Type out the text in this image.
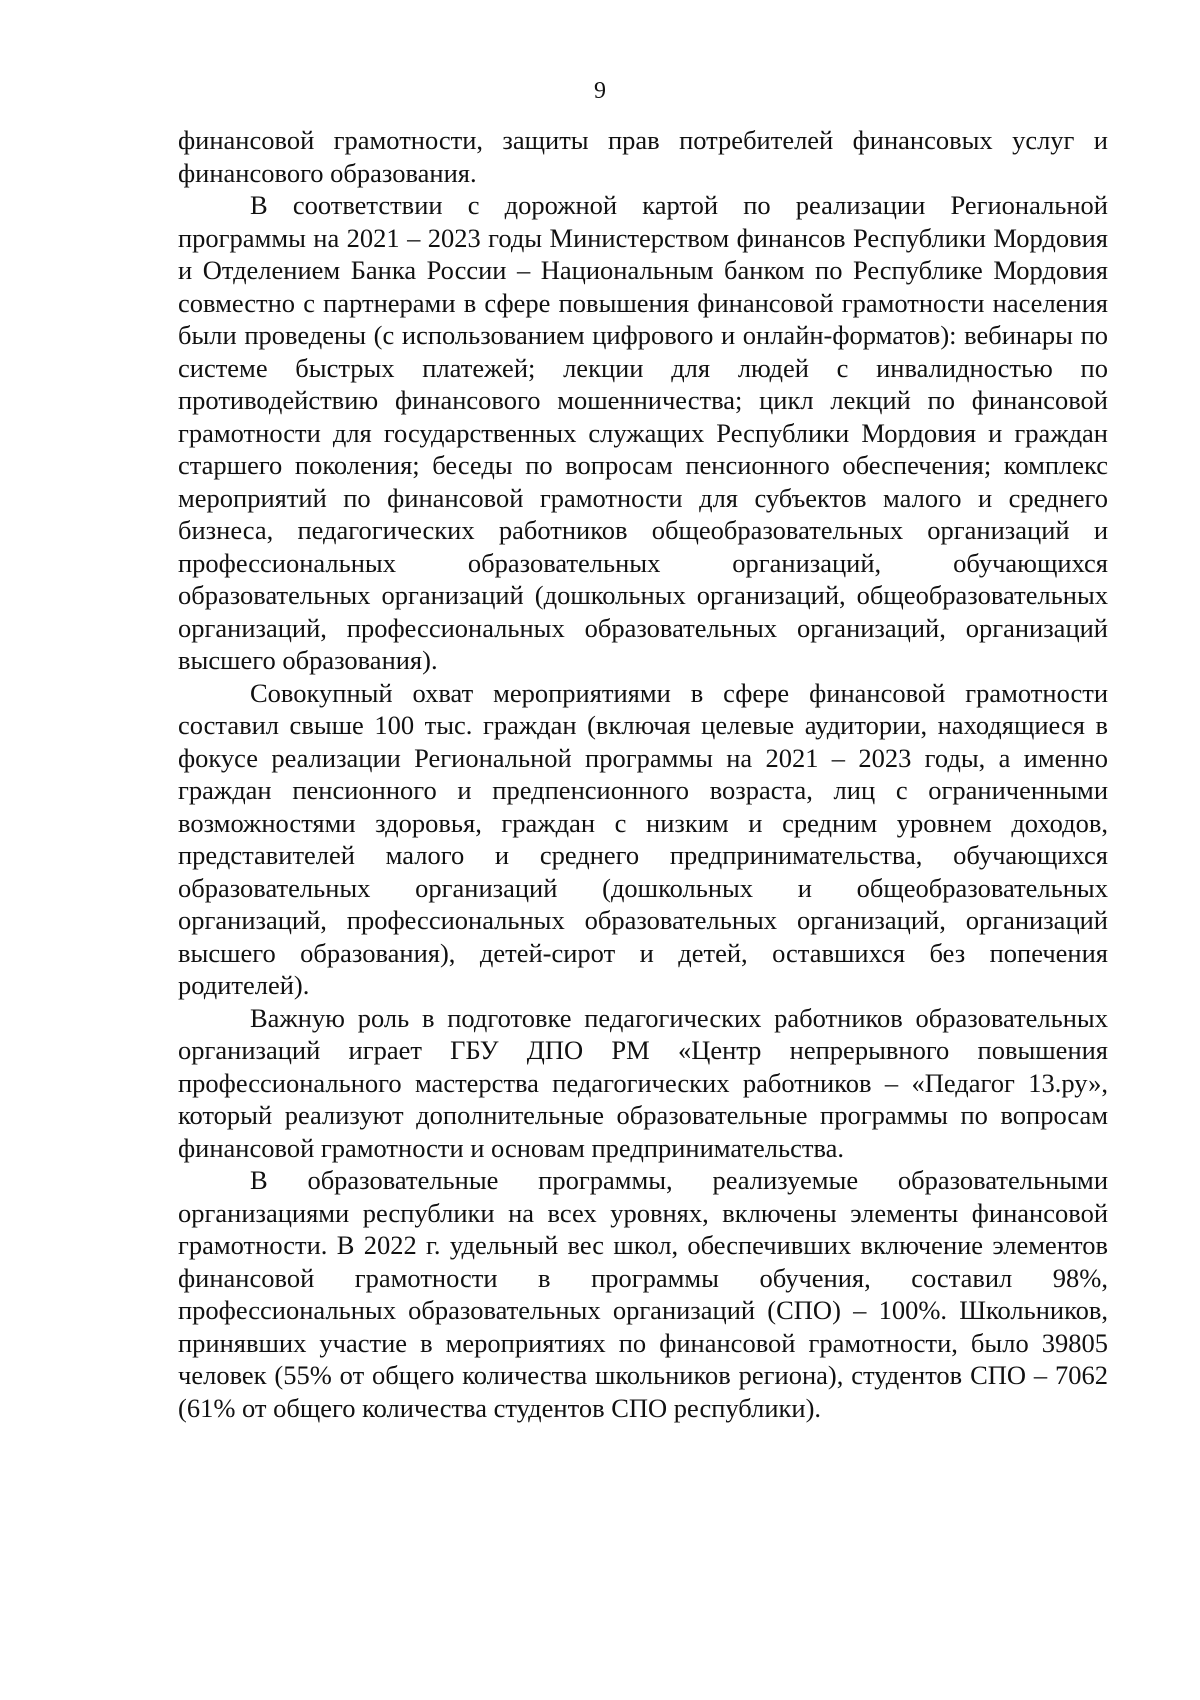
9

финансовой грамотности, защиты прав потребителей финансовых услуг и финансового образования.

В соответствии с дорожной картой по реализации Региональной программы на 2021 – 2023 годы Министерством финансов Республики Мордовия и Отделением Банка России – Национальным банком по Республике Мордовия совместно с партнерами в сфере повышения финансовой грамотности населения были проведены (с использованием цифрового и онлайн-форматов): вебинары по системе быстрых платежей; лекции для людей с инвалидностью по противодействию финансового мошенничества; цикл лекций по финансовой грамотности для государственных служащих Республики Мордовия и граждан старшего поколения; беседы по вопросам пенсионного обеспечения; комплекс мероприятий по финансовой грамотности для субъектов малого и среднего бизнеса, педагогических работников общеобразовательных организаций и профессиональных образовательных организаций, обучающихся образовательных организаций (дошкольных организаций, общеобразовательных организаций, профессиональных образовательных организаций, организаций высшего образования).

Совокупный охват мероприятиями в сфере финансовой грамотности составил свыше 100 тыс. граждан (включая целевые аудитории, находящиеся в фокусе реализации Региональной программы на 2021 – 2023 годы, а именно граждан пенсионного и предпенсионного возраста, лиц с ограниченными возможностями здоровья, граждан с низким и средним уровнем доходов, представителей малого и среднего предпринимательства, обучающихся образовательных организаций (дошкольных и общеобразовательных организаций, профессиональных образовательных организаций, организаций высшего образования), детей-сирот и детей, оставшихся без попечения родителей).

Важную роль в подготовке педагогических работников образовательных организаций играет ГБУ ДПО РМ «Центр непрерывного повышения профессионального мастерства педагогических работников – «Педагог 13.ру», который реализуют дополнительные образовательные программы по вопросам финансовой грамотности и основам предпринимательства.

В образовательные программы, реализуемые образовательными организациями республики на всех уровнях, включены элементы финансовой грамотности. В 2022 г. удельный вес школ, обеспечивших включение элементов финансовой грамотности в программы обучения, составил 98%, профессиональных образовательных организаций (СПО) – 100%. Школьников, принявших участие в мероприятиях по финансовой грамотности, было 39805 человек (55% от общего количества школьников региона), студентов СПО – 7062 (61% от общего количества студентов СПО республики).
